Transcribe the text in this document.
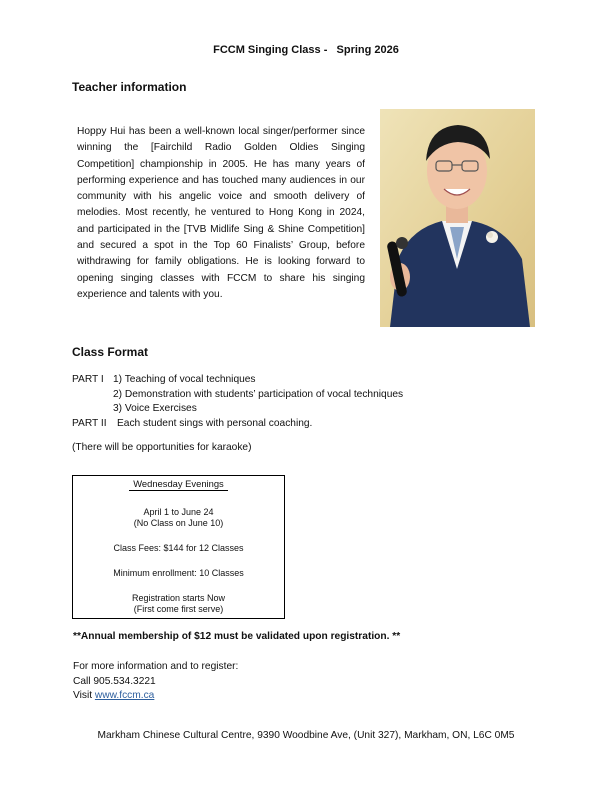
FCCM Singing Class -   Spring 2026
Teacher information
Hoppy Hui has been a well-known local singer/performer since winning the [Fairchild Radio Golden Oldies Singing Competition] championship in 2005. He has many years of performing experience and has touched many audiences in our community with his angelic voice and smooth delivery of melodies. Most recently, he ventured to Hong Kong in 2024, and participated in the [TVB Midlife Sing & Shine Competition] and secured a spot in the Top 60 Finalists’ Group, before withdrawing for family obligations. He is looking forward to opening singing classes with FCCM to share his singing experience and talents with you.
Class Format
PART I 1) Teaching of vocal techniques
2) Demonstration with students’ participation of vocal techniques
3) Voice Exercises
PART II Each student sings with personal coaching.
(There will be opportunities for karaoke)
Wednesday Evenings

April 1 to June 24

(No Class on June 10)

Class Fees: $144 for 12 Classes

Minimum enrollment: 10 Classes

Registration starts Now

(First come first serve)

**Annual membership of $12 must be validated upon registration. **
For more information and to register:
Call 905.534.3221
Visit www.fccm.ca
Markham Chinese Cultural Centre, 9390 Woodbine Ave, (Unit 327), Markham, ON, L6C 0M5
